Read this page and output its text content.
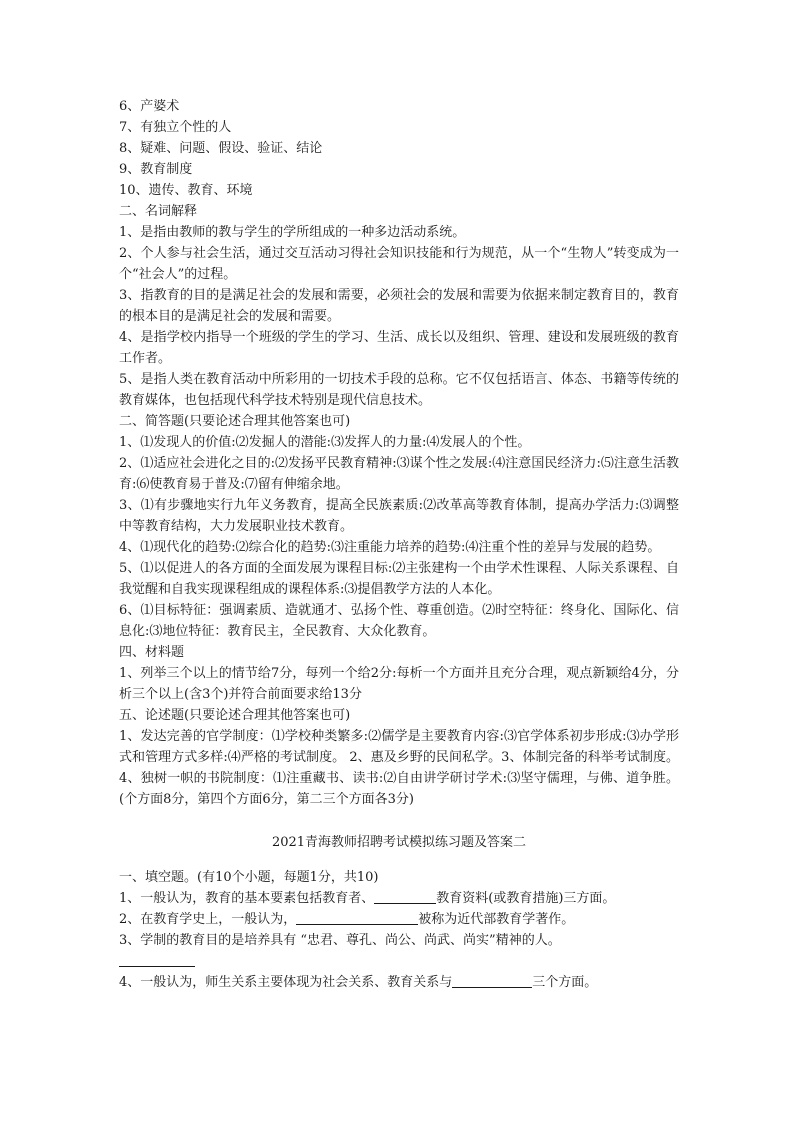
6、产婆术
7、有独立个性的人
8、疑难、问题、假设、验证、结论
9、教育制度
10、遗传、教育、环境
二、名词解释
1、是指由教师的教与学生的学所组成的一种多边活动系统。
2、个人参与社会生活，通过交互活动习得社会知识技能和行为规范，从一个“生物人”转变成为一个“社会人”的过程。
3、指教育的目的是满足社会的发展和需要，必须社会的发展和需要为依据来制定教育目的，教育的根本目的是满足社会的发展和需要。
4、是指学校内指导一个班级的学生的学习、生活、成长以及组织、管理、建设和发展班级的教育工作者。
5、是指人类在教育活动中所彩用的一切技术手段的总称。它不仅包括语言、体态、书籍等传统的教育媒体，也包括现代科学技术特别是现代信息技术。
二、简答题(只要论述合理其他答案也可)
1、⑴发现人的价值:⑵发掘人的潜能:⑶发挥人的力量:⑷发展人的个性。
2、⑴适应社会进化之目的:⑵发扬平民教育精神:⑶谋个性之发展:⑷注意国民经济力:⑸注意生活教育:⑹使教育易于普及:⑺留有伸缩余地。
3、⑴有步骤地实行九年义务教育，提高全民族素质:⑵改革高等教育体制，提高办学活力:⑶调整中等教育结构，大力发展职业技术教育。
4、⑴现代化的趋势:⑵综合化的趋势:⑶注重能力培养的趋势:⑷注重个性的差异与发展的趋势。
5、⑴以促进人的各方面的全面发展为课程目标:⑵主张建构一个由学术性课程、人际关系课程、自我觉醒和自我实现课程组成的课程体系:⑶提倡教学方法的人本化。
6、⑴目标特征：强调素质、造就通才、弘扬个性、尊重创造。⑵时空特征：终身化、国际化、信息化:⑶地位特征：教育民主，全民教育、大众化教育。
四、材料题
1、列举三个以上的情节给7分，每列一个给2分:每析一个方面并且充分合理，观点新颖给4分，分析三个以上(含3个)并符合前面要求给13分
五、论述题(只要论述合理其他答案也可)
1、发达完善的官学制度：⑴学校种类繁多:⑵儒学是主要教育内容:⑶官学体系初步形成:⑶办学形式和管理方式多样:⑷严格的考试制度。 2、惠及乡野的民间私学。3、体制完备的科举考试制度。4、独树一帜的书院制度：⑴注重藏书、读书:⑵自由讲学研讨学术:⑶坚守儒理，与佛、道争胜。(个方面8分，第四个方面6分，第二三个方面各3分)
2021青海教师招聘考试模拟练习题及答案二
一、填空题。(有10个小题，每题1分，共10)
1、一般认为，教育的基本要素包括教育者、	教育资料(或教育措施)三方面。
2、在教育学史上，一般认为，	被称为近代部教育学著作。
3、学制的教育目的是培养具有 “忠君、尊孔、尚公、尚武、尚实”精神的人。
4、一般认为，师生关系主要体现为社会关系、教育关系与	三个方面。
